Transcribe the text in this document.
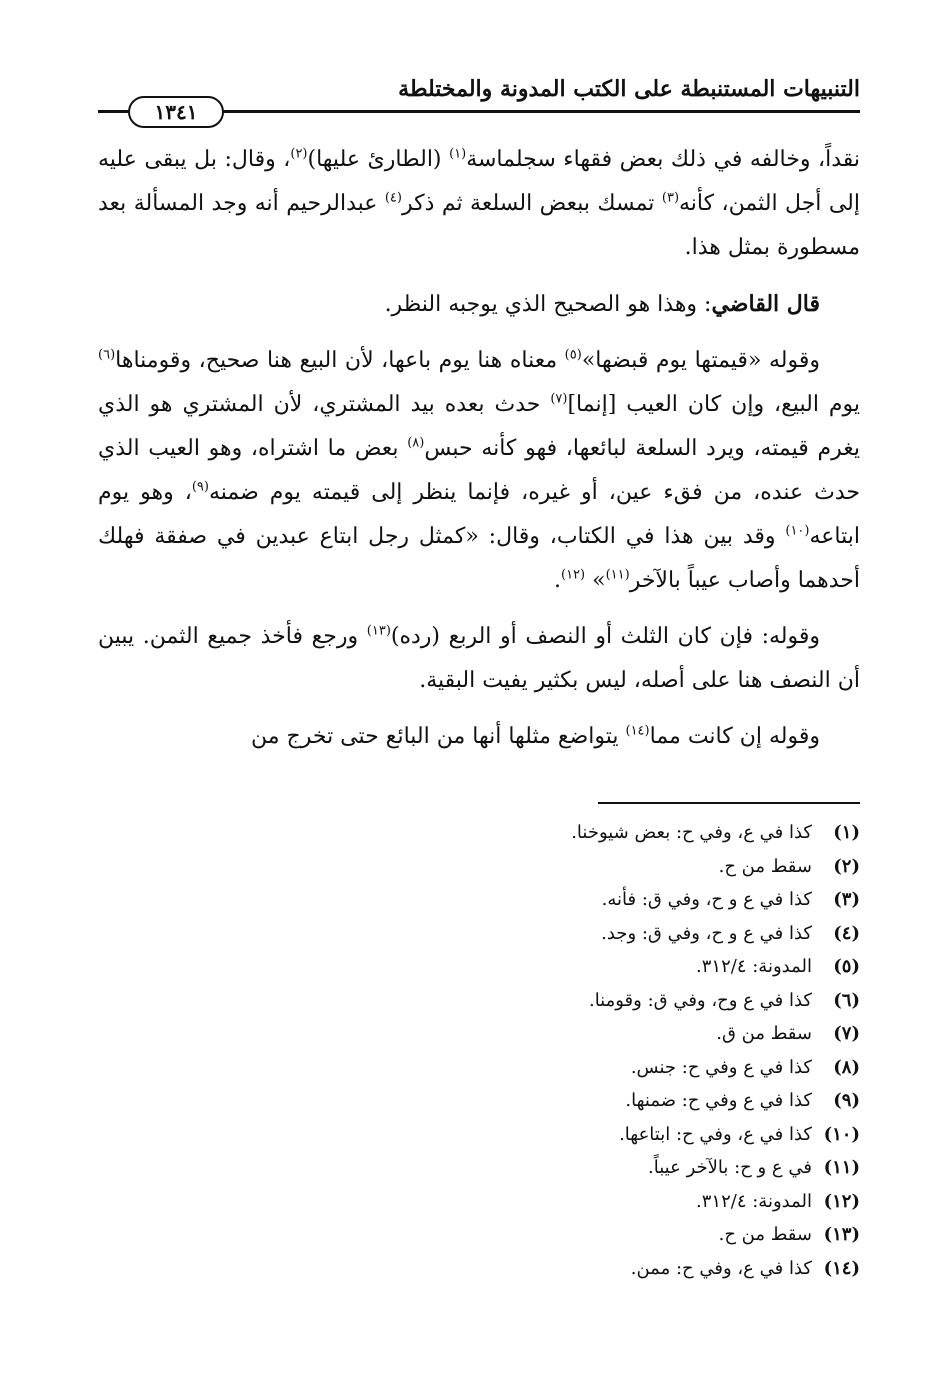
التنبيهات المستنبطة على الكتب المدونة والمختلطة
١٣٤١

نقداً، وخالفه في ذلك بعض فقهاء سجلماسة$^{(١)}$ (الطارئ عليها)$^{(٢)}$، وقال: بل يبقى عليه إلى أجل الثمن، كأنه$^{(٣)}$ تمسك ببعض السلعة ثم ذكر$^{(٤)}$ عبدالرحيم أنه وجد المسألة بعد مسطورة بمثل هذا.

قال القاضي: وهذا هو الصحيح الذي يوجبه النظر.

وقوله «قيمتها يوم قبضها»$^{(٥)}$ معناه هنا يوم باعها، لأن البيع هنا صحيح، وقومناها$^{(٦)}$ يوم البيع، وإن كان العيب [إنما]$^{(٧)}$ حدث بعده بيد المشتري، لأن المشتري هو الذي يغرم قيمته، ويرد السلعة لبائعها، فهو كأنه حبس$^{(٨)}$ بعض ما اشتراه، وهو العيب الذي حدث عنده، من فقء عين، أو غيره، فإنما ينظر إلى قيمته يوم ضمنه$^{(٩)}$، وهو يوم ابتاعه$^{(١٠)}$ وقد بين هذا في الكتاب، وقال: «كمثل رجل ابتاع عبدين في صفقة فهلك أحدهما وأصاب عيباً بالآخر$^{(١١)}$» $^{(١٢)}$.

وقوله: فإن كان الثلث أو النصف أو الربع (رده)$^{(١٣)}$ ورجع فأخذ جميع الثمن. يبين أن النصف هنا على أصله، ليس بكثير يفيت البقية.

وقوله إن كانت مما$^{(١٤)}$ يتواضع مثلها أنها من البائع حتى تخرج من

(١)كذا في ع، وفي ح: بعض شيوخنا.
(٢)سقط من ح.
(٣)كذا في ع و ح، وفي ق: فأنه.
(٤)كذا في ع و ح، وفي ق: وجد.
(٥)المدونة: ٣١٢/٤.
(٦)كذا في ع وح، وفي ق: وقومنا.
(٧)سقط من ق.
(٨)كذا في ع وفي ح: جنس.
(٩)كذا في ع وفي ح: ضمنها.
(١٠)كذا في ع، وفي ح: ابتاعها.
(١١)في ع و ح: بالآخر عيباً.
(١٢)المدونة: ٣١٢/٤.
(١٣)سقط من ح.
(١٤)كذا في ع، وفي ح: ممن.
